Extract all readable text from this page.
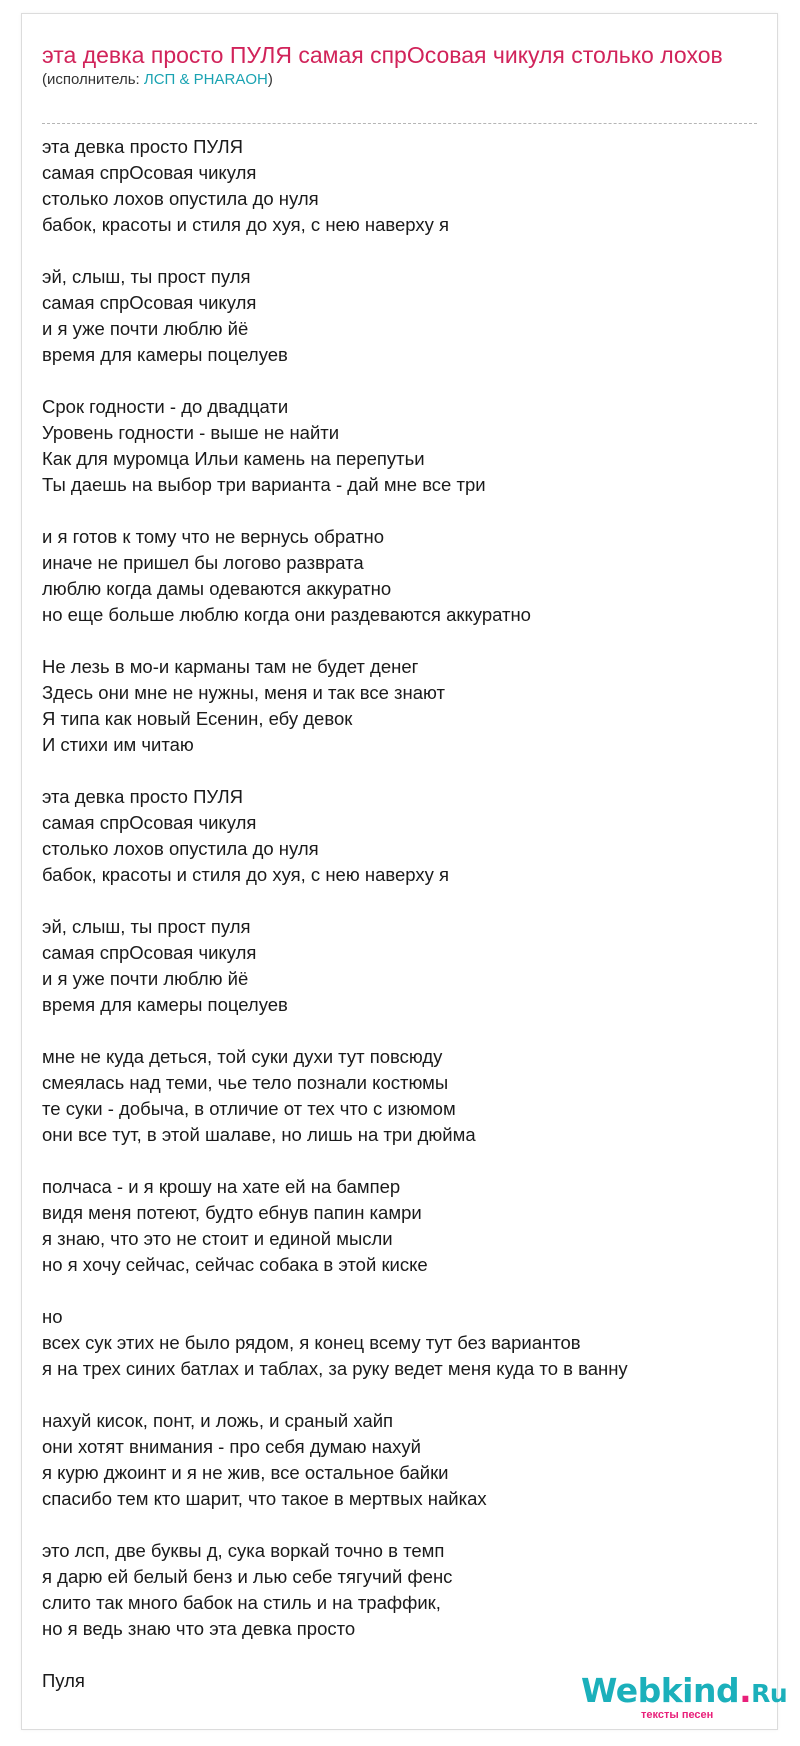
эта девка просто ПУЛЯ самая спрОсовая чикуля столько лохов
(исполнитель: ЛСП & PHARAOH)
эта девка просто ПУЛЯ
самая спрОсовая чикуля
столько лохов опустила до нуля
бабок, красоты и стиля до хуя, с нею наверху я
эй, слыш, ты прост пуля
самая спрОсовая чикуля
и я уже почти люблю йё
время для камеры поцелуев
Срок годности - до двадцати
Уровень годности - выше не найти
Как для муромца Ильи камень на перепутьи
Ты даешь на выбор три варианта - дай мне все три
и я готов к тому что не вернусь обратно
иначе не пришел бы логово разврата
люблю когда дамы одеваются аккуратно
но еще больше люблю когда они раздеваются аккуратно
Не лезь в мо-и карманы там не будет денег
Здесь они мне не нужны, меня и так все знают
Я типа как новый Есенин, ебу девок
И стихи им читаю
эта девка просто ПУЛЯ
самая спрОсовая чикуля
столько лохов опустила до нуля
бабок, красоты и стиля до хуя, с нею наверху я
эй, слыш, ты прост пуля
самая спрОсовая чикуля
и я уже почти люблю йё
время для камеры поцелуев
мне не куда деться, той суки духи тут повсюду
смеялась над теми, чье тело познали костюмы
те суки - добыча, в отличие от тех что с изюмом
они все тут, в этой шалаве, но лишь на три дюйма
полчаса - и я крошу на хате ей на бампер
видя меня потеют, будто ебнув папин камри
я знаю, что это не стоит и единой мысли
но я хочу сейчас, сейчас собака в этой киске
но
всех сук этих не было рядом, я конец всему тут без вариантов
я на трех синих батлах и таблах, за руку ведет меня куда то в ванну
нахуй кисок, понт, и ложь, и сраный хайп
они хотят внимания - про себя думаю нахуй
я курю джоинт и я не жив, все остальное байки
спасибо тем кто шарит, что такое в мертвых найках
это лсп, две буквы д, сука воркай точно в темп
я дарю ей белый бенз и лью себе тягучий фенс
слито так много бабок на стиль и на траффик,
но я ведь знаю что эта девка просто
Пуля	Webkind.Ru
тексты песен
